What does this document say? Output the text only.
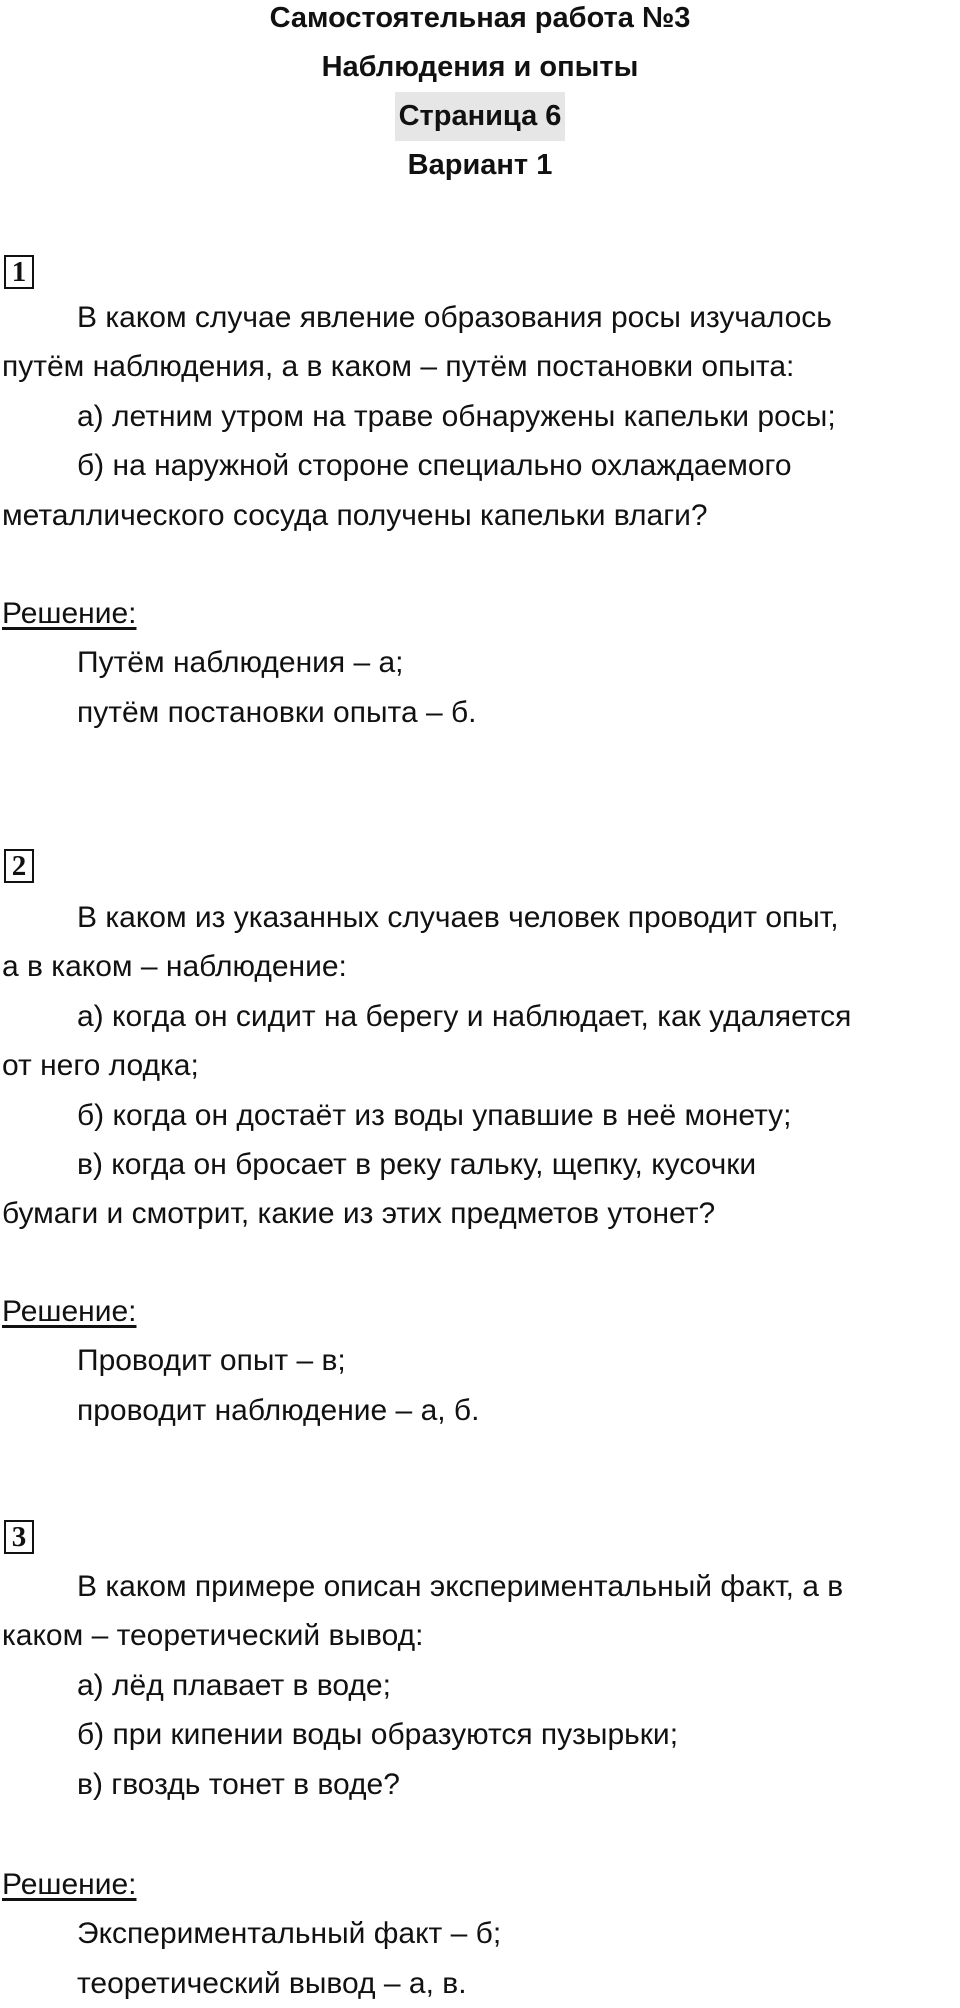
Самостоятельная работа №3
Наблюдения и опыты
Страница 6
Вариант 1
1

В каком случае явление образования росы изучалось

путём наблюдения, а в каком – путём постановки опыта:

а) летним утром на траве обнаружены капельки росы;

б) на наружной стороне специально охлаждаемого

металлического сосуда получены капельки влаги?

Решение:

Путём наблюдения – а;

путём постановки опыта – б.

2

В каком из указанных случаев человек проводит опыт,

а в каком – наблюдение:

а) когда он сидит на берегу и наблюдает, как удаляется

от него лодка;

б) когда он достаёт из воды упавшие в неё монету;

в) когда он бросает в реку гальку, щепку, кусочки

бумаги и смотрит, какие из этих предметов утонет?

Решение:

Проводит опыт – в;

проводит наблюдение – а, б.

3

В каком примере описан экспериментальный факт, а в

каком – теоретический вывод:

а) лёд плавает в воде;

б) при кипении воды образуются пузырьки;

в) гвоздь тонет в воде?

Решение:

Экспериментальный факт – б;

теоретический вывод – а, в.
